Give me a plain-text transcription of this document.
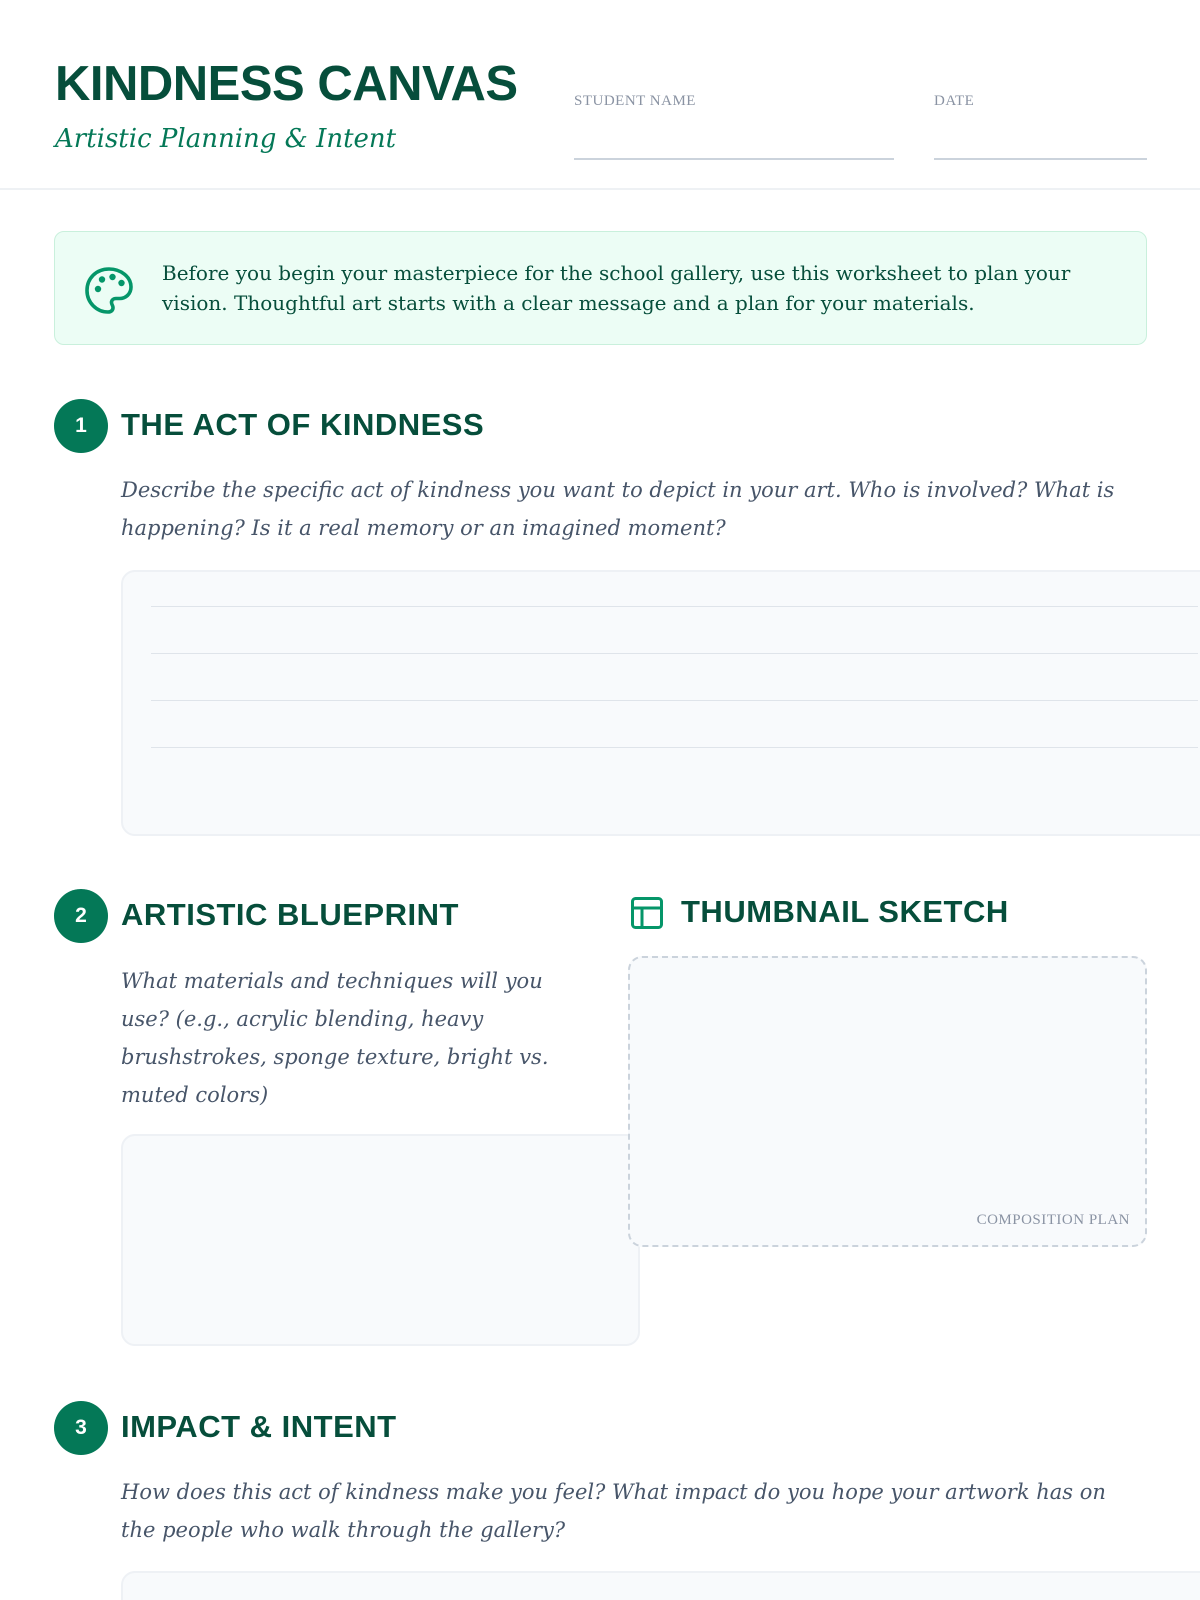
KINDNESS CANVAS
Artistic Planning & Intent
STUDENT NAME	DATE
Before you begin your masterpiece for the school gallery, use this worksheet to plan your vision. Thoughtful art starts with a clear message and a plan for your materials.
1	THE ACT OF KINDNESS
Describe the specific act of kindness you want to depict in your art. Who is involved? What is happening? Is it a real memory or an imagined moment?
2	ARTISTIC BLUEPRINT
What materials and techniques will you use? (e.g., acrylic blending, heavy brushstrokes, sponge texture, bright vs. muted colors)
THUMBNAIL SKETCH
COMPOSITION PLAN
3	IMPACT & INTENT
How does this act of kindness make you feel? What impact do you hope your artwork has on the people who walk through the gallery?
